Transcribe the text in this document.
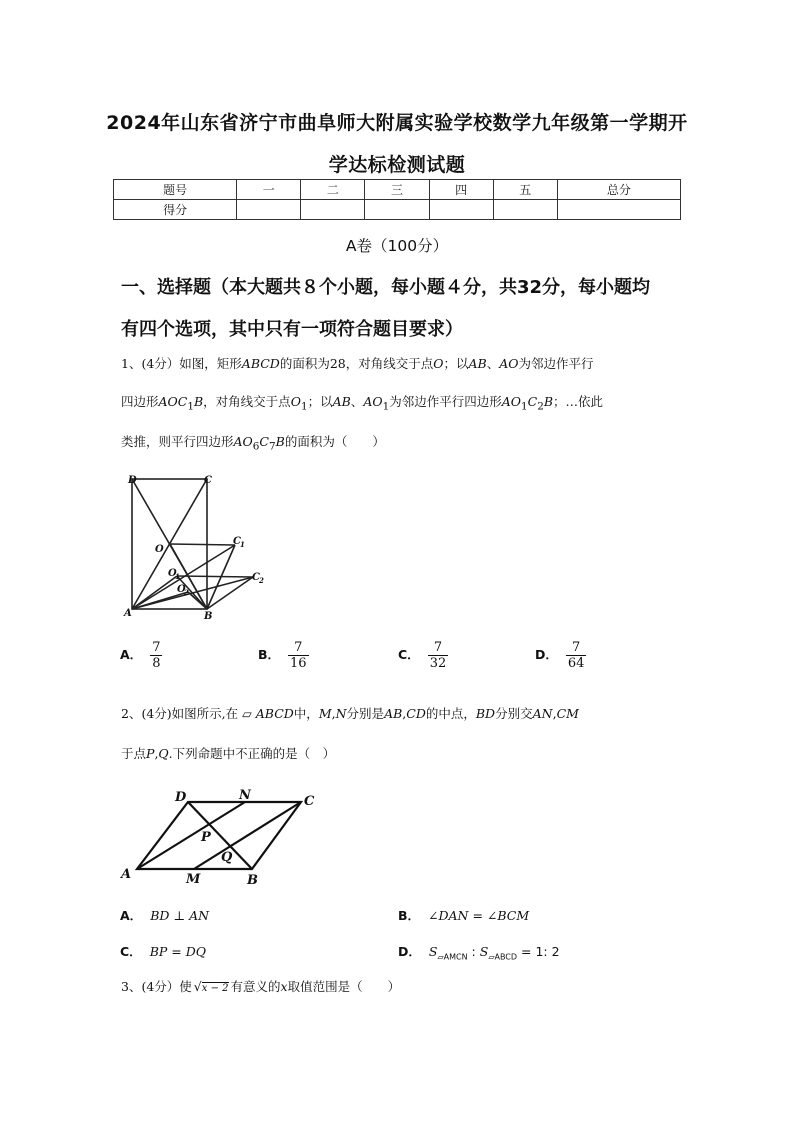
2024年山东省济宁市曲阜师大附属实验学校数学九年级第一学期开
学达标检测试题
题号	一	二	三	四	五	总分
得分						
A卷（100分）
一、选择题（本大题共８个小题，每小题４分，共32分，每小题均
有四个选项，其中只有一项符合题目要求）
1、(4分）如图，矩形ABCD的面积为28，对角线交于点O；以AB、AO为邻边作平行
四边形$AOC_1B$，对角线交于点$O_1$；以AB、$AO_1$为邻边作平行四边形$AO_1C_2B$；…依此
类推，则平行四边形$AO_6C_7B$的面积为（　　）
D	C
O
C 1
O
1
O
2
C 2
A	B
A． $\frac{7}{8}$	B． $\frac{7}{16}$	C． $\frac{7}{32}$	D． $\frac{7}{64}$
2、(4分)如图所示,在 ▱ ABCD中，M,N分别是AB,CD的中点，BD分别交AN,CM
于点P,Q.下列命题中不正确的是（　）
D	N	C
P
Q
A	M	B
A． BD ⊥ AN	B． ∠DAN = ∠BCM
C． BP = DQ	D． $S_{▱AMCN}$ : $S_{▱ABCD} = 1$: 2
3、(4分）使 √x − 2 有意义的x取值范围是（　　）
